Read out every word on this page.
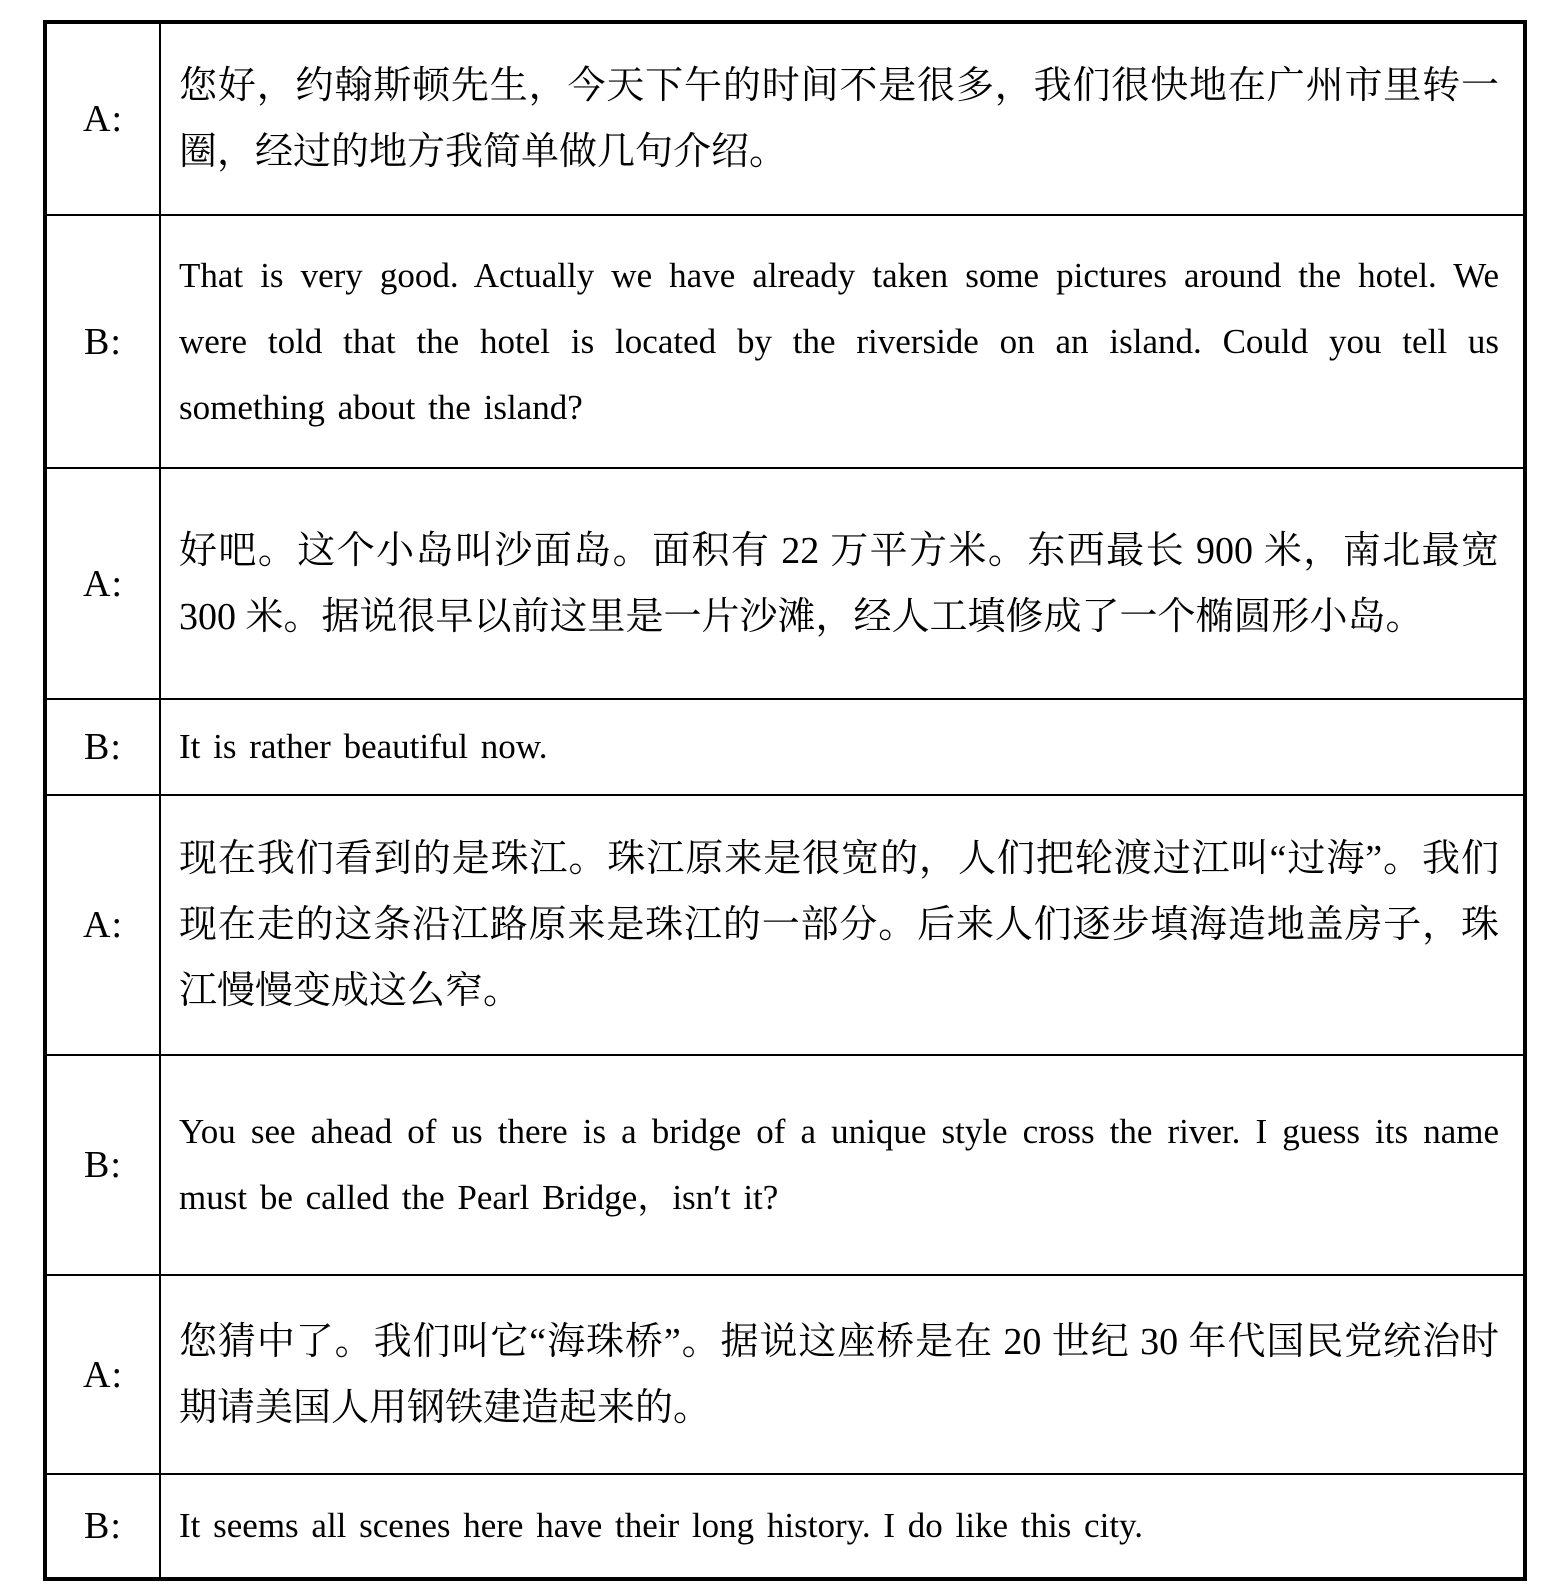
A:	您好，约翰斯顿先生，今天下午的时间不是很多，我们很快地在广州市里转一圈，经过的地方我简单做几句介绍。

B:	That is very good. Actually we have already taken some pictures around the hotel. We were told that the hotel is located by the riverside on an island. Could you tell us something about the island?

A:	好吧。这个小岛叫沙面岛。面积有 22 万平方米。东西最长 900 米，南北最宽 300 米。据说很早以前这里是一片沙滩，经人工填修成了一个椭圆形小岛。

B:	It is rather beautiful now.

A:	现在我们看到的是珠江。珠江原来是很宽的，人们把轮渡过江叫“过海”。我们现在走的这条沿江路原来是珠江的一部分。后来人们逐步填海造地盖房子，珠江慢慢变成这么窄。

B:	You see ahead of us there is a bridge of a unique style cross the river. I guess its name must be called the Pearl Bridge，isn′t it?

A:	您猜中了。我们叫它“海珠桥”。据说这座桥是在 20 世纪 30 年代国民党统治时期请美国人用钢铁建造起来的。

B:	It seems all scenes here have their long history. I do like this city.
